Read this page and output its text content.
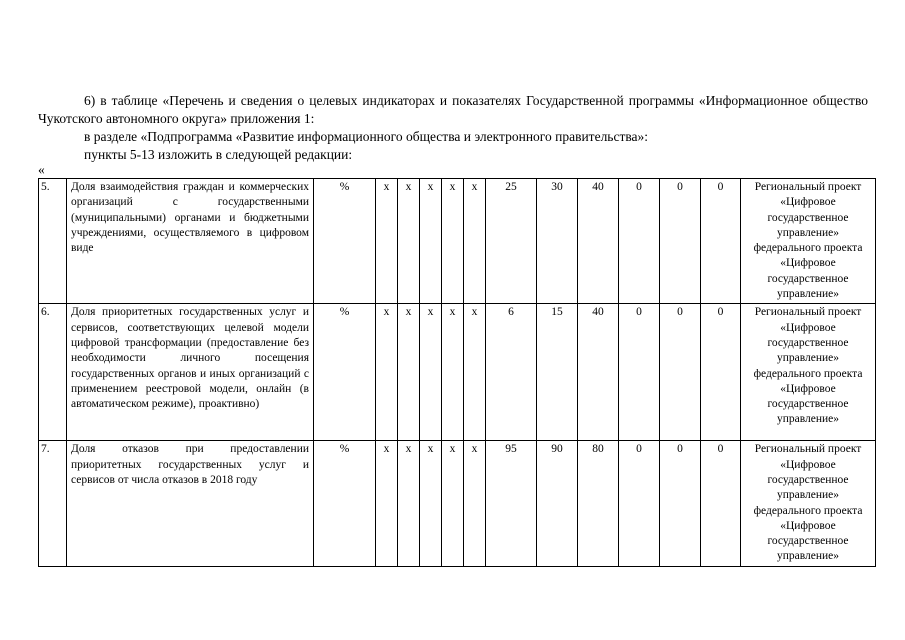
6) в таблице «Перечень и сведения о целевых индикаторах и показателях Государственной программы «Информационное общество Чукотского автономного округа» приложения 1:
в разделе «Подпрограмма «Развитие информационного общества и электронного правительства»:
пункты 5-13 изложить в следующей редакции:
«
5.	Доля взаимодействия граждан и коммерческих организаций с государственными (муниципальными) органами и бюджетными учреждениями, осуществляемого в цифровом виде	%	х	х	х	х	х	25	30	40	0	0	0	Региональный проект «Цифровое государственное управление» федерального проекта «Цифровое государственное управление»
6.	Доля приоритетных государственных услуг и сервисов, соответствующих целевой модели цифровой трансформации (предоставление без необходимости личного посещения государственных органов и иных организаций с применением реестровой модели, онлайн (в автоматическом режиме), проактивно)	%	х	х	х	х	х	6	15	40	0	0	0	Региональный проект «Цифровое государственное управление» федерального проекта «Цифровое государственное управление»
7.	Доля отказов при предоставлении приоритетных государственных услуг и сервисов от числа отказов в 2018 году	%	х	х	х	х	х	95	90	80	0	0	0	Региональный проект «Цифровое государственное управление» федерального проекта «Цифровое государственное управление»
